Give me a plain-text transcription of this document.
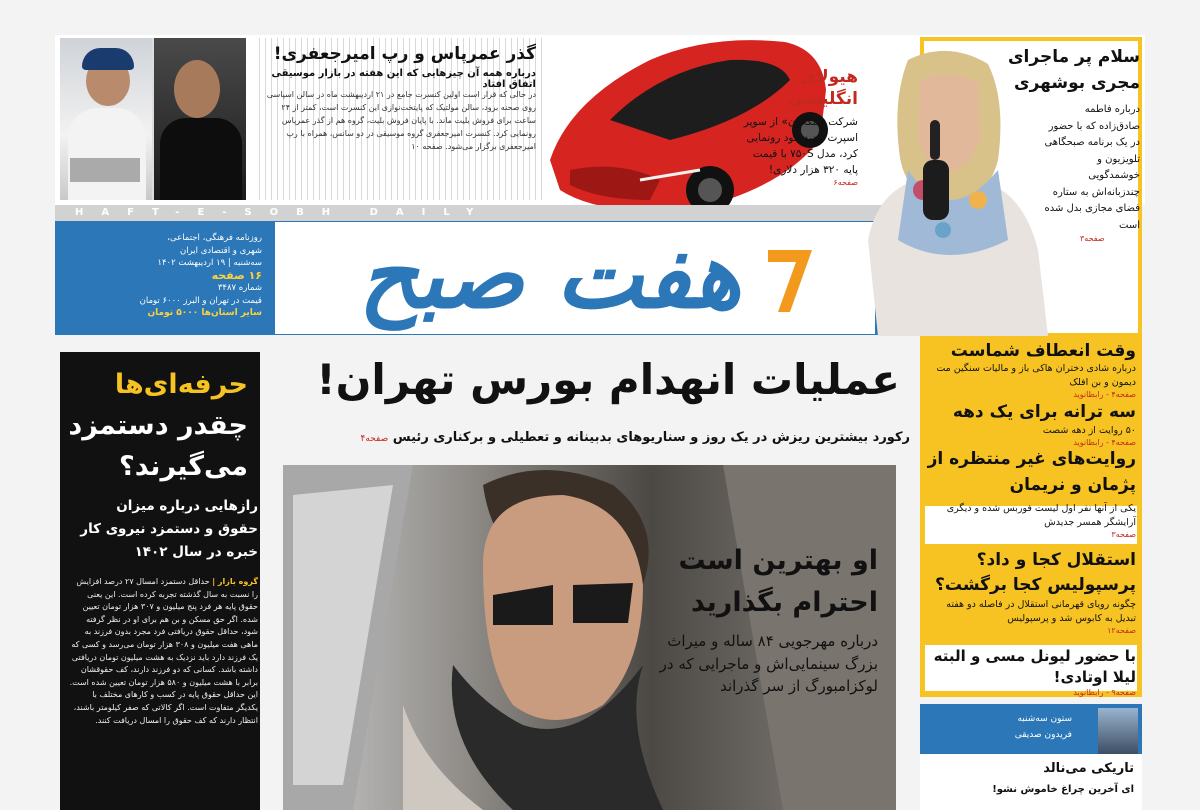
گذر عمرپاس و رپ امیرجعفری!
درباره همه آن چیزهایی که این هفته در بازار موسیقی اتفاق افتاد
در حالی که قرار است اولین کنسرت جامع در ۲۱ اردیبهشت ماه در سالن اسپاسی روی صحنه برود، سالن مولتیک که پایتخت‌نوازی این کنسرت است، کمتر از ۲۴ ساعت برای فروش بلیت ماند. با پایان فروش بلیت، گروه هم از گذر عمرپاس رونمایی کرد. کنسرت امیرجعفری گروه موسیقی در دو سانس، همراه با رپ امیرجعفری برگزار می‌شود. صفحه ۱۰
هیولای انگلیسی
شرکت «مکلارن» از سوپر اسپرت جدید خود رونمایی کرد، مدل ۷۵۰S با قیمت پایه ۳۲۰ هزار دلاری!
صفحه۶
HAFT-E-SOBH DAILY
هفت صبح
روزنامه فرهنگی، اجتماعی،
شهری و اقتصادی ایران
سه‌شنبه | ۱۹ اردیبهشت ۱۴۰۲
۱۶ صفحه
شماره ۳۴۸۷
قیمت در تهران و البرز ۶۰۰۰ تومان
سایر استان‌ها ۵۰۰۰ تومان
سلام پر ماجرای مجری بوشهری
درباره فاطمه صادق‌زاده که با حضور در یک برنامه صبحگاهی تلویزیون و خوشمدگویی چندزبانه‌اش به ستاره فضای مجازی بدل شده است
صفحه۳
وقت انعطاف شماست
درباره شادی دختران هاکی باز و مالیات سنگین مت دیمون و بن افلک
صفحه۴ - رابطانوید
سه ترانه برای یک دهه
۵۰ روایت از دهه شصت
صفحه۴ - رابطانوید
روایت‌های غیر منتظره از پژمان و نریمان
یکی از آنها نفر اول لیست فوربس شده و دیگری آرایشگر همسر جدیدش
صفحه۳
استقلال کجا و داد؟ پرسپولیس کجا برگشت؟
چگونه رویای قهرمانی استقلال در فاصله دو هفته تبدیل به کابوس شد و پرسپولیس
صفحه۱۲
با حضور لیونل مسی و البته لیلا اوتادی!
صفحه۹ - رابطانوید
عملیات انهدام بورس تهران!
رکورد بیشترین ریزش در یک روز و سناریوهای بدبینانه و تعطیلی و برکناری رئیس صفحه۴
او بهترین است
احترام بگذارید
درباره مهرجویی ۸۴ ساله و میراث بزرگ سینمایی‌اش و ماجرایی که در لوکزامبورگ از سر گذراند
حرفه‌ای‌ها
چقدر دستمزد
می‌گیرند؟
رازهایی درباره میزان حقوق و دستمزد نیروی کار خبره در سال ۱۴۰۲
گروه بازار | حداقل دستمزد امسال ۲۷ درصد افزایش را نسبت به سال گذشته تجربه کرده است. این یعنی حقوق پایه هر فرد پنج میلیون و ۳۰۷ هزار تومان تعیین شده. اگر حق مسکن و بن هم برای او در نظر گرفته شود، حداقل حقوق دریافتی فرد مجرد بدون فرزند به ماهی هفت میلیون و ۳۰۸ هزار تومان می‌رسد و کسی که یک فرزند دارد باید نزدیک به هشت میلیون تومان دریافتی داشته باشد. کسانی که دو فرزند دارند، کف حقوقشان برابر با هشت میلیون و ۵۸۰ هزار تومان تعیین شده است. این حداقل حقوق پایه در کسب و کارهای مختلف با یکدیگر متفاوت است. اگر کالاتی که صفر کیلومتر باشند، انتظار دارند که کف حقوق را امسال دریافت کنند.	ستون سه‌شنبه
فریدون صدیقی
تاریکی می‌نالد
ای آخرین چراغ خاموش نشو!
